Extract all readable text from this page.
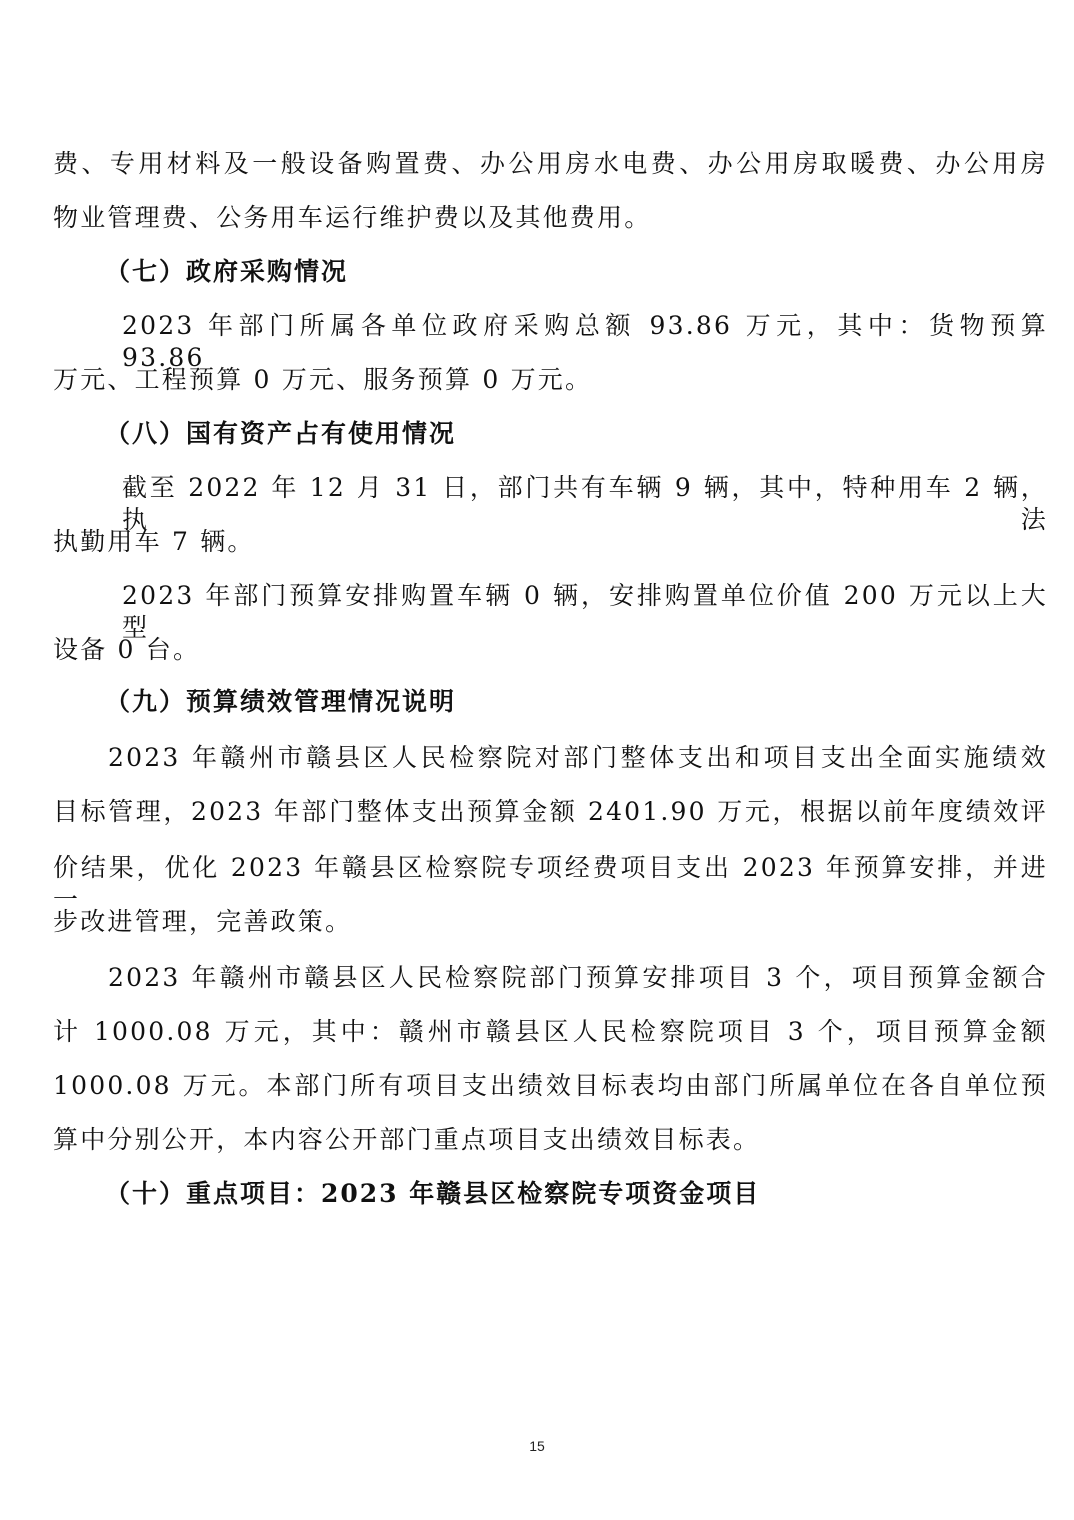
费、专用材料及一般设备购置费、办公用房水电费、办公用房取暖费、办公用房
物业管理费、公务用车运行维护费以及其他费用。
（七）政府采购情况
2023 年部门所属各单位政府采购总额 93.86 万元，其中：货物预算 93.86
万元、工程预算 0 万元、服务预算 0 万元。
（八）国有资产占有使用情况
截至 2022 年 12 月 31 日，部门共有车辆 9 辆，其中，特种用车 2 辆，执法
执勤用车 7 辆。
2023 年部门预算安排购置车辆 0 辆，安排购置单位价值 200 万元以上大型
设备 0 台。
（九）预算绩效管理情况说明
2023 年赣州市赣县区人民检察院对部门整体支出和项目支出全面实施绩效
目标管理，2023 年部门整体支出预算金额 2401.90 万元，根据以前年度绩效评
价结果，优化 2023 年赣县区检察院专项经费项目支出 2023 年预算安排，并进一
步改进管理，完善政策。
2023 年赣州市赣县区人民检察院部门预算安排项目 3 个，项目预算金额合
计 1000.08 万元，其中：赣州市赣县区人民检察院项目 3 个，项目预算金额
1000.08 万元。本部门所有项目支出绩效目标表均由部门所属单位在各自单位预
算中分别公开，本内容公开部门重点项目支出绩效目标表。
（十）重点项目：2023 年赣县区检察院专项资金项目
15
